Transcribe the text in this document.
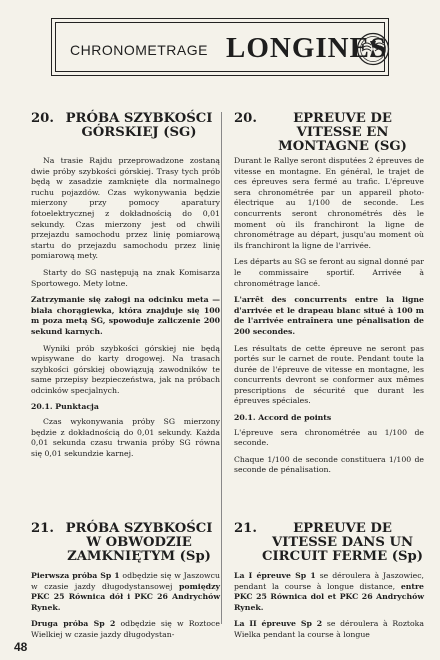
CHRONOMETRAGE LONGINES
20. PRÓBA SZYBKOŚCI GÓRSKIEJ (SG)

Na trasie Rajdu przeprowadzone zostaną dwie próby szybkości górskiej. Trasy tych prób będą w zasadzie zamknięte dla normalnego ruchu pojazdów. Czas wykonywania będzie mierzony przy pomocy aparatury fotoelektrycznej z dokładnością do 0,01 sekundy. Czas mierzony jest od chwili przejazdu samochodu przez linię pomiarową startu do przejazdu samochodu przez linię pomiarową mety.

Starty do SG następują na znak Komisarza Sportowego. Mety lotne.

Zatrzymanie się załogi na odcinku meta — biała chorągiewka, która znajduje się 100 m poza metą SG, spowoduje zaliczenie 200 sekund karnych.

Wyniki prób szybkości górskiej nie będą wpisywane do karty drogowej. Na trasach szybkości górskiej obowiązują zawodników te same przepisy bezpieczeństwa, jak na próbach odcinków specjalnych.

20.1. Punktacja

Czas wykonywania próby SG mierzony będzie z dokładnością do 0,01 sekundy. Każda 0,01 sekunda czasu trwania próby SG równa się 0,01 sekundzie karnej.

20.	EPREUVE DE VITESSE EN MONTAGNE (SG)

Durant le Rallye seront disputées 2 épreuves de vitesse en montagne. En général, le trajet de ces épreuves sera fermé au trafic. L'épreuve sera chronométrée par un appareil photo-électrique au 1/100 de seconde. Les concurrents seront chronométrés dès le moment où ils franchiront la ligne de chronométrage au départ, jusqu'au moment où ils franchiront la ligne de l'arrivée.

Les départs au SG se feront au signal donné par le commissaire sportif. Arrivée à chronométrage lancé.

L'arrêt des concurrents entre la ligne d'arrivée et le drapeau blanc situé à 100 m de l'arrivée entraînera une pénalisation de 200 secondes.

Les résultats de cette épreuve ne seront pas portés sur le carnet de route. Pendant toute la durée de l'épreuve de vitesse en montagne, les concurrents devront se conformer aux mêmes prescriptions de sécurité que durant les épreuves spéciales.

20.1. Accord de points

L'épreuve sera chronométrée au 1/100 de seconde.

Chaque 1/100 de seconde constituera 1/100 de seconde de pénalisation.

21. PRÓBA SZYBKOŚCI W OBWODZIE ZAMKNIĘTYM (Sp)

Pierwsza próba Sp 1 odbędzie się w Jaszowcu w czasie jazdy długodystansowej pomiędzy PKC 25 Równica dół i PKC 26 Andrychów Rynek.

Druga próba Sp 2 odbędzie się w Roztoce Wielkiej w czasie jazdy długodystan-

21.	EPREUVE DE VITESSE DANS UN CIRCUIT FERME (Sp)

La I épreuve Sp 1 se déroulera à Jaszowiec, pendant la course à longue distance, entre PKC 25 Równica dol et PKC 26 Andrychów Rynek.

La II épreuve Sp 2 se déroulera à Roztoka Wielka pendant la course à longue

48
